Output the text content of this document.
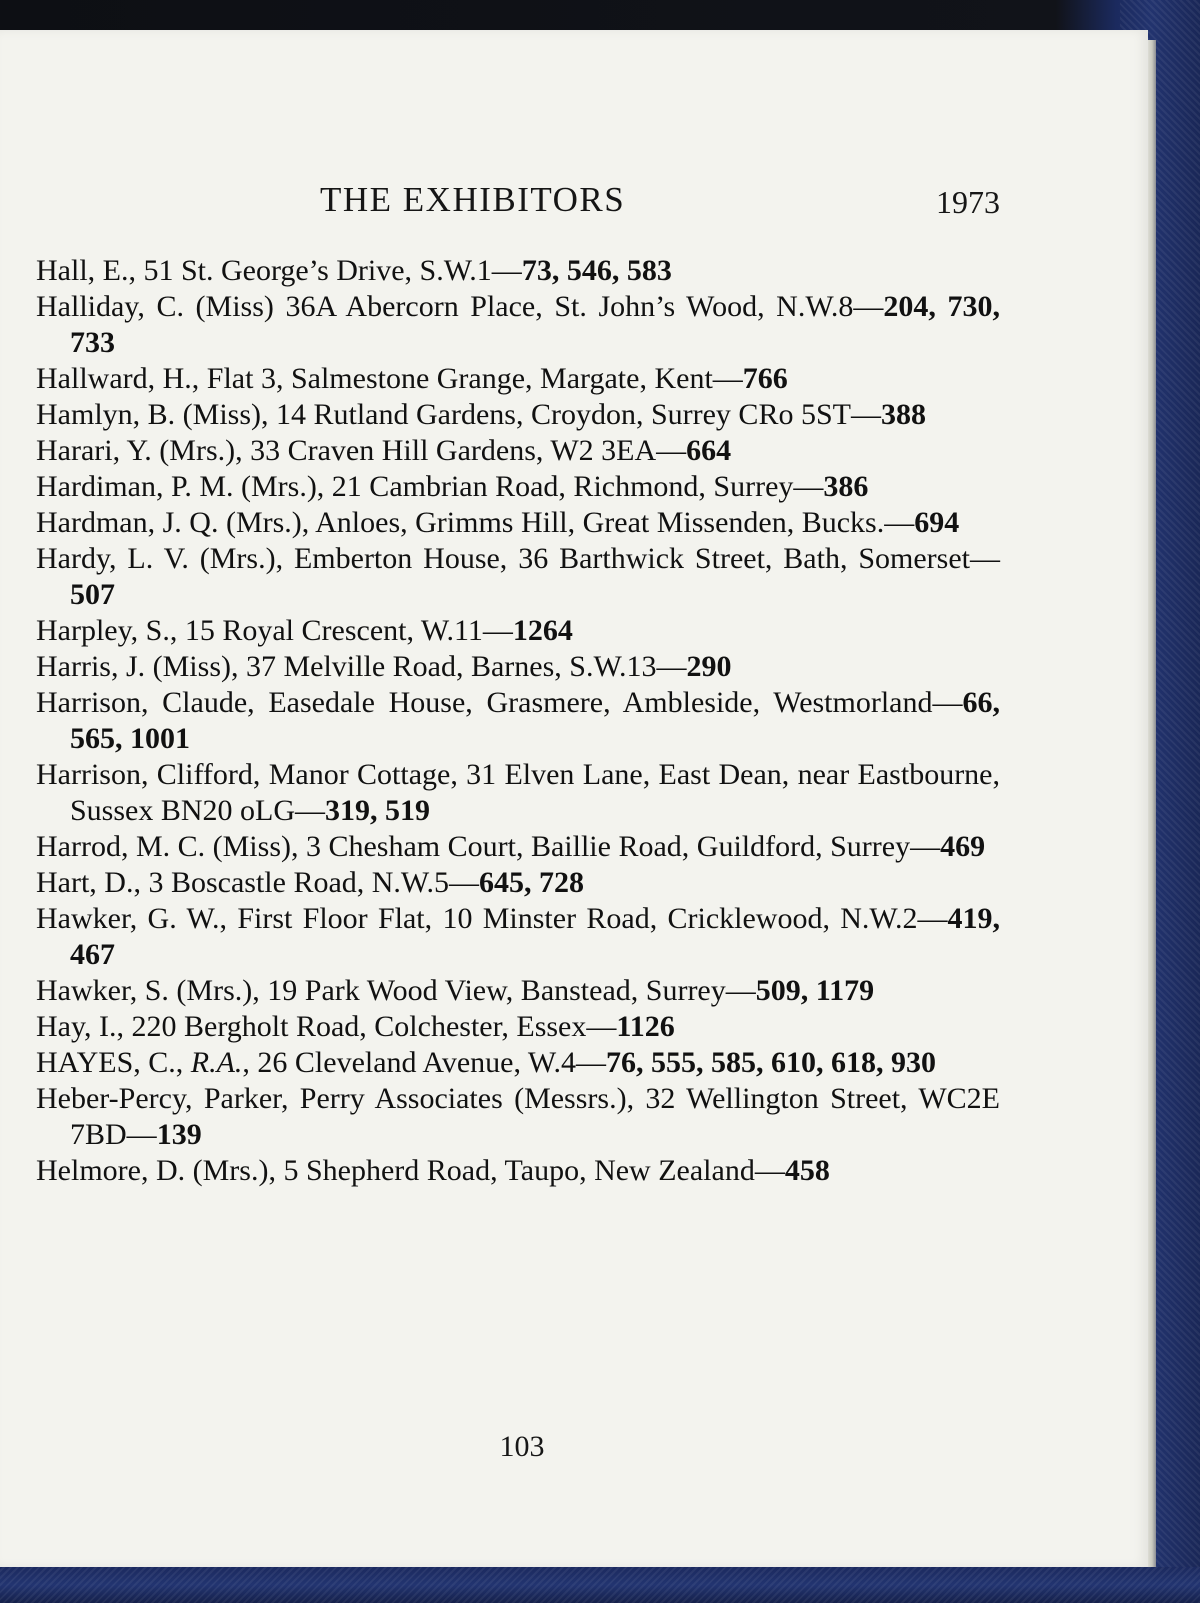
THE EXHIBITORS	1973
Hall, E., 51 St. George’s Drive, S.W.1—73, 546, 583
Halliday, C. (Miss) 36A Abercorn Place, St. John’s Wood, N.W.8—204, 730, 733
Hallward, H., Flat 3, Salmestone Grange, Margate, Kent—766
Hamlyn, B. (Miss), 14 Rutland Gardens, Croydon, Surrey CRo 5ST—388
Harari, Y. (Mrs.), 33 Craven Hill Gardens, W2 3EA—664
Hardiman, P. M. (Mrs.), 21 Cambrian Road, Richmond, Surrey—386
Hardman, J. Q. (Mrs.), Anloes, Grimms Hill, Great Missenden, Bucks.—694
Hardy, L. V. (Mrs.), Emberton House, 36 Barthwick Street, Bath, Somerset—507
Harpley, S., 15 Royal Crescent, W.11—1264
Harris, J. (Miss), 37 Melville Road, Barnes, S.W.13—290
Harrison, Claude, Easedale House, Grasmere, Ambleside, Westmorland—66, 565, 1001
Harrison, Clifford, Manor Cottage, 31 Elven Lane, East Dean, near Eastbourne, Sussex BN20 oLG—319, 519
Harrod, M. C. (Miss), 3 Chesham Court, Baillie Road, Guildford, Surrey—469
Hart, D., 3 Boscastle Road, N.W.5—645, 728
Hawker, G. W., First Floor Flat, 10 Minster Road, Cricklewood, N.W.2—419, 467
Hawker, S. (Mrs.), 19 Park Wood View, Banstead, Surrey—509, 1179
Hay, I., 220 Bergholt Road, Colchester, Essex—1126
HAYES, C., R.A., 26 Cleveland Avenue, W.4—76, 555, 585, 610, 618, 930
Heber-Percy, Parker, Perry Associates (Messrs.), 32 Wellington Street, WC2E 7BD—139
Helmore, D. (Mrs.), 5 Shepherd Road, Taupo, New Zealand—458
103
